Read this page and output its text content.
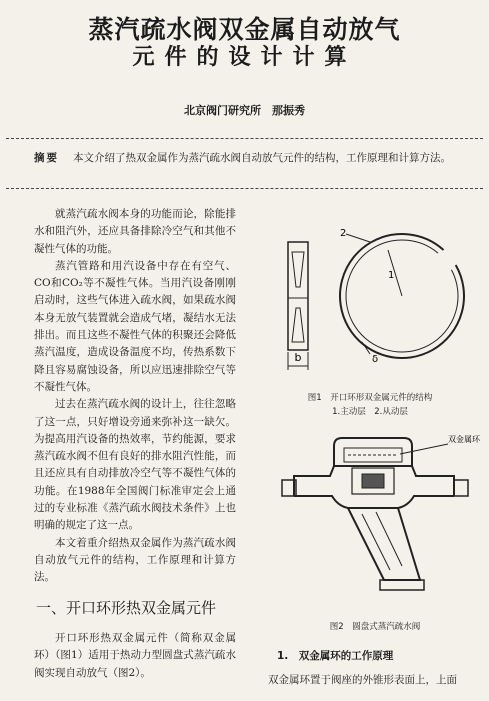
蒸汽疏水阀双金属自动放气
元件的设计计算
北京阀门研究所　那振秀
摘要 本文介绍了热双金属作为蒸汽疏水阀自动放气元件的结构，工作原理和计算方法。

就蒸汽疏水阀本身的功能而论，除能排水和阻汽外，还应具备排除冷空气和其他不凝性气体的功能。

蒸汽管路和用汽设备中存在有空气、CO和CO₂等不凝性气体。当用汽设备刚刚启动时，这些气体进入疏水阀，如果疏水阀本身无放气装置就会造成气堵，凝结水无法排出。而且这些不凝性气体的积聚还会降低蒸汽温度，造成设备温度不均，传热系数下降且容易腐蚀设备，所以应迅速排除空气等不凝性气体。

过去在蒸汽疏水阀的设计上，往往忽略了这一点，只好增设旁通来弥补这一缺欠。为提高用汽设备的热效率，节约能源，要求蒸汽疏水阀不但有良好的排水阻汽性能，而且还应具有自动排放冷空气等不凝性气体的功能。在1988年全国阀门标准审定会上通过的专业标准《蒸汽疏水阀技术条件》上也明确的规定了这一点。

本文着重介绍热双金属作为蒸汽疏水阀自动放气元件的结构，工作原理和计算方法。

一、开口环形热双金属元件

开口环形热双金属元件（简称双金属环）（图1）适用于热动力型圆盘式蒸汽疏水阀实现自动放气（图2）。

b
1
2
δ
图1　开口环形双金属元件的结构
1.主动层　2.从动层
双金属环
图2　圆盘式蒸汽疏水阀
1.　双金属环的工作原理
双金属环置于阀座的外锥形表面上，上面
